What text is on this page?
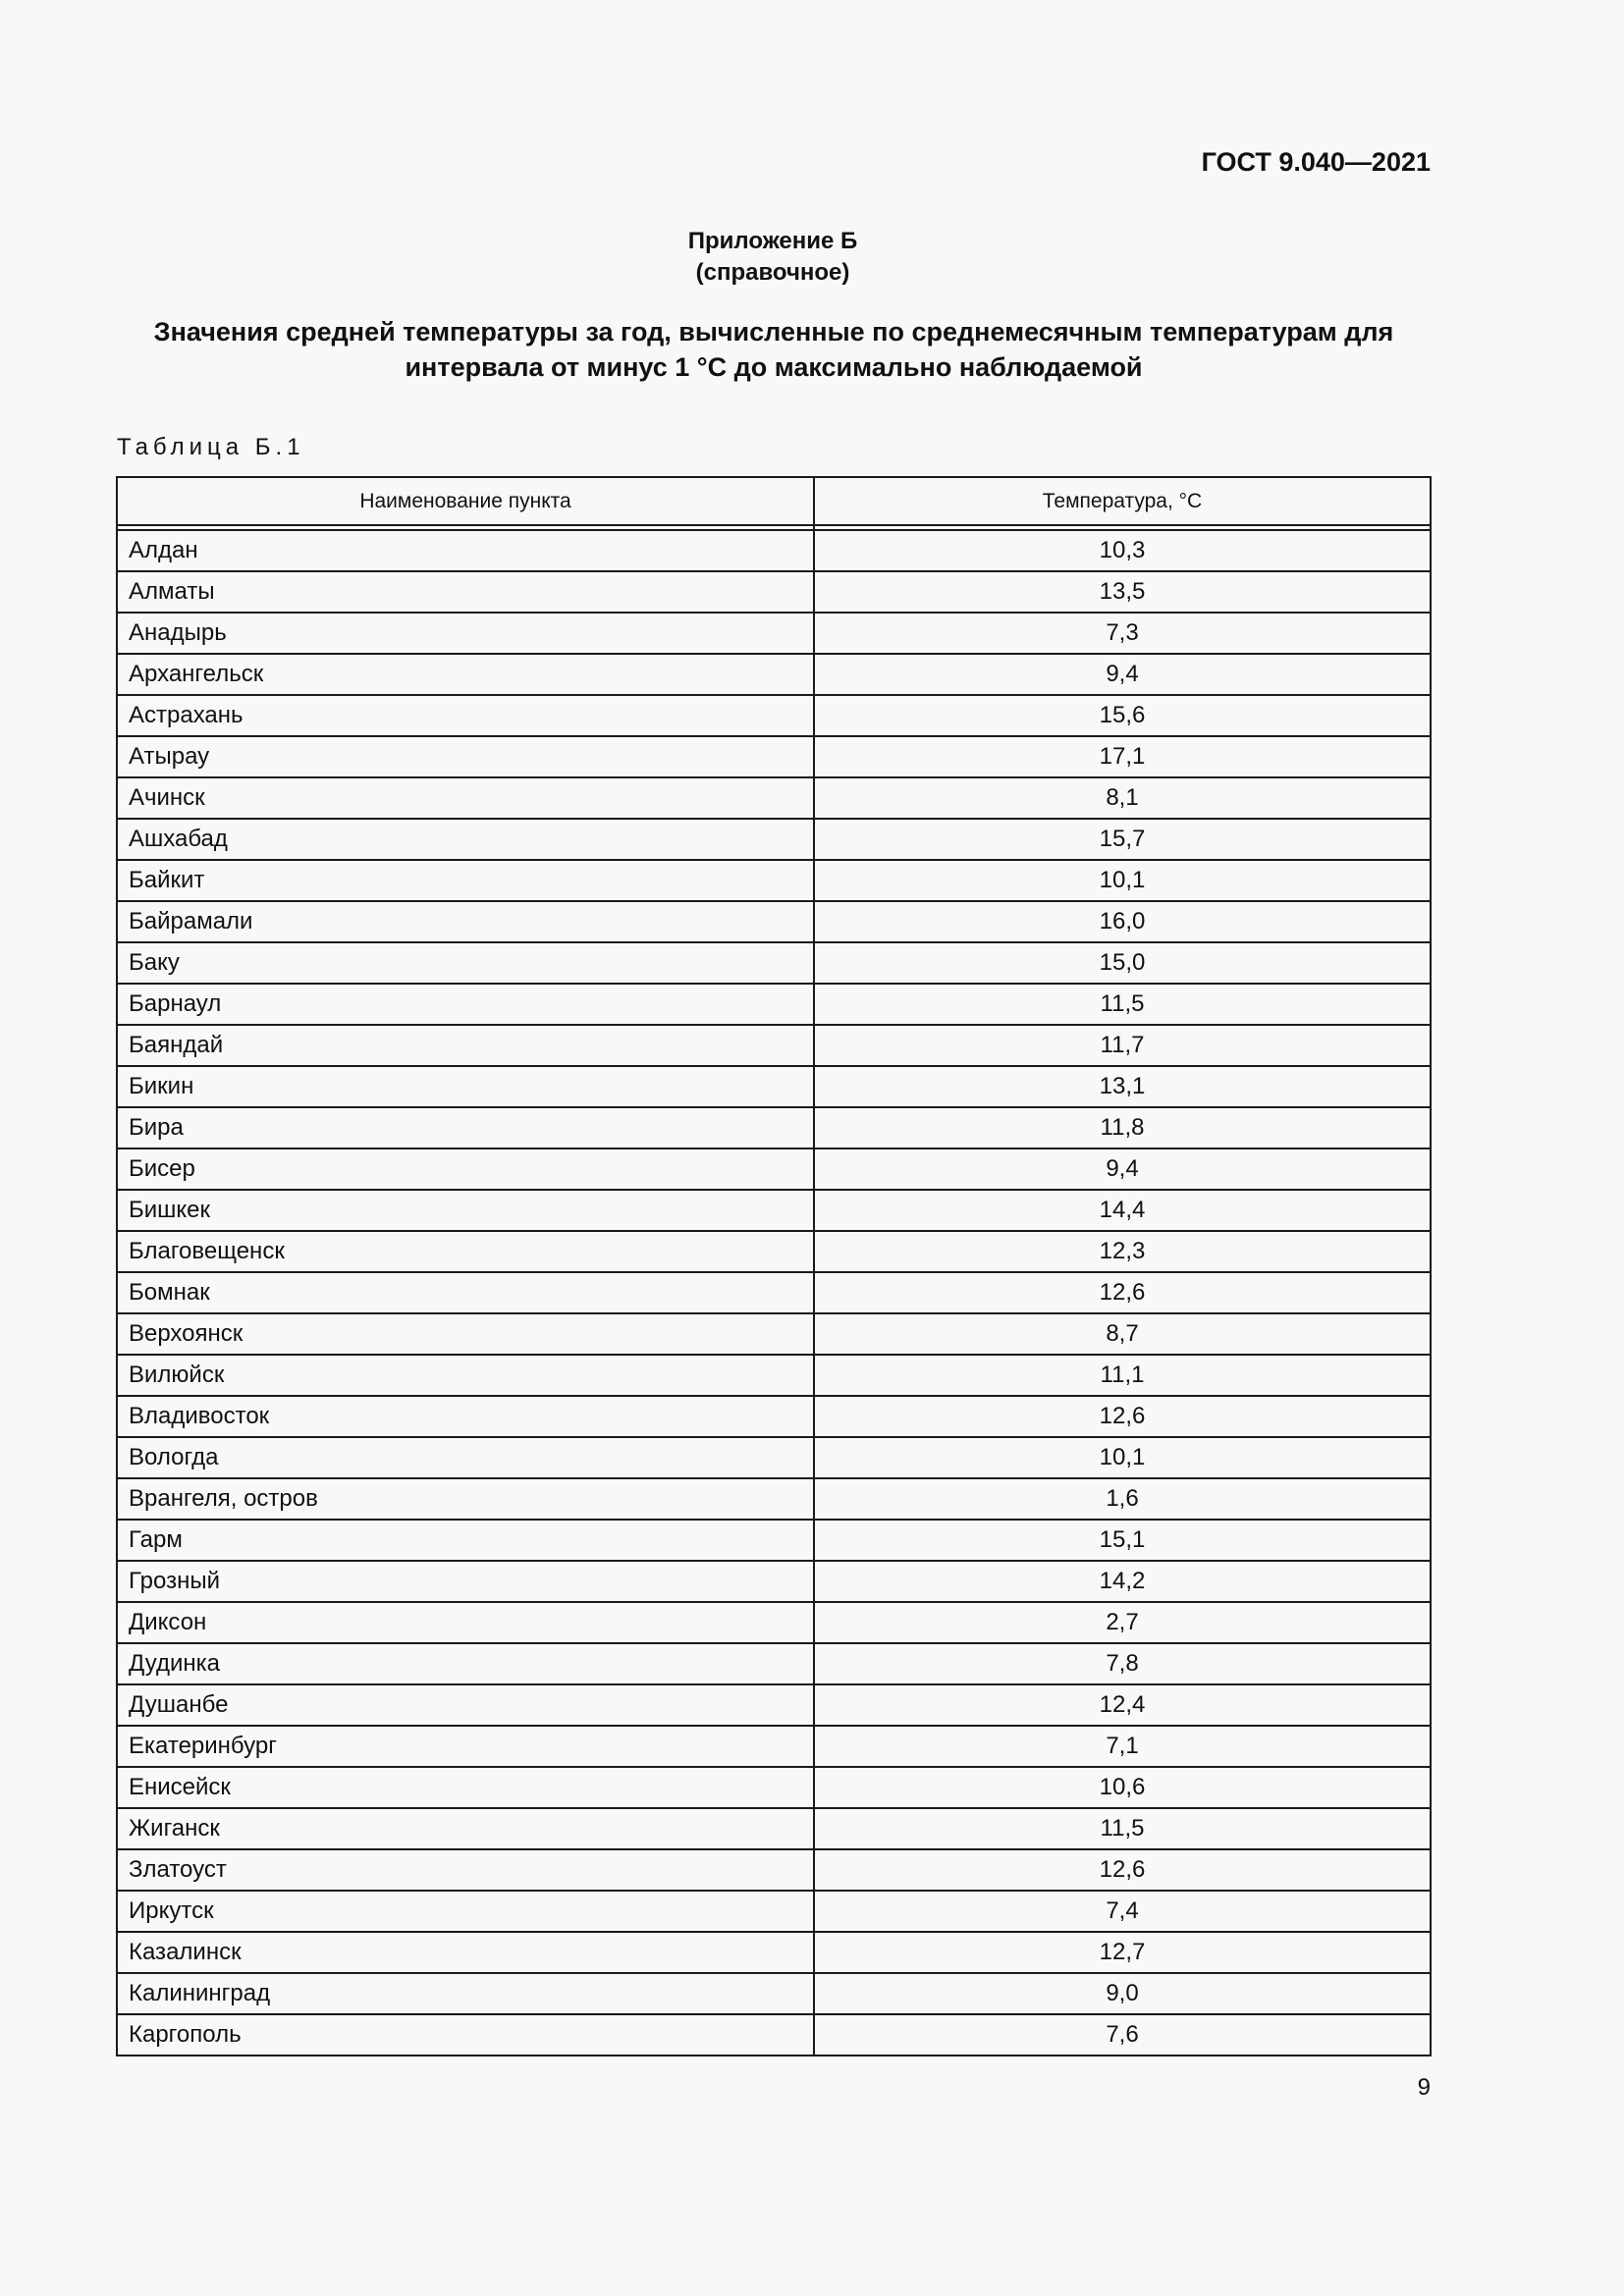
ГОСТ 9.040—2021
Приложение Б
(справочное)
Значения средней температуры за год, вычисленные по среднемесячным температурам для
интервала от минус 1 °С до максимально наблюдаемой
Таблица Б.1
Наименование пункта	Температура, °С

Алдан	10,3
Алматы	13,5
Анадырь	7,3
Архангельск	9,4
Астрахань	15,6
Атырау	17,1
Ачинск	8,1
Ашхабад	15,7
Байкит	10,1
Байрамали	16,0
Баку	15,0
Барнаул	11,5
Баяндай	11,7
Бикин	13,1
Бира	11,8
Бисер	9,4
Бишкек	14,4
Благовещенск	12,3
Бомнак	12,6
Верхоянск	8,7
Вилюйск	11,1
Владивосток	12,6
Вологда	10,1
Врангеля, остров	1,6
Гарм	15,1
Грозный	14,2
Диксон	2,7
Дудинка	7,8
Душанбе	12,4
Екатеринбург	7,1
Енисейск	10,6
Жиганск	11,5
Златоуст	12,6
Иркутск	7,4
Казалинск	12,7
Калининград	9,0
Каргополь	7,6
9
